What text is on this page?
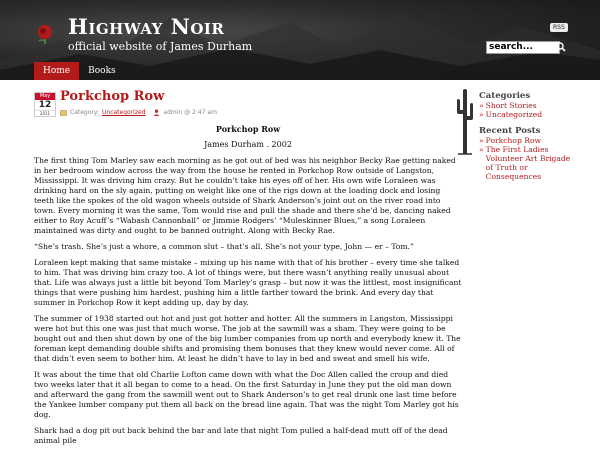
Highway Noir
official website of James Durham
RSS
search...
Home	Books
May
12
2011
Porkchop Row
Category: Uncategorized
	admin @ 2:47 am

Porkchop Row

James Durham . 2002

The first thing Tom Marley saw each morning as he got out of bed was his neighbor Becky Rae getting naked in her bedroom window across the way from the house he rented in Porkchop Row outside of Langston, Mississippi. It was driving him crazy. But he couldn’t take his eyes off of her. His own wife Loraleen was drinking hard on the sly again, putting on weight like one of the rigs down at the loading dock and losing teeth like the spokes of the old wagon wheels outside of Shark Anderson’s joint out on the river road into town. Every morning it was the same, Tom would rise and pull the shade and there she’d be, dancing naked either to Roy Acuff’s “Wabash Cannonball” or Jimmie Rodgers’ “Muleskinner Blues,” a song Loraleen maintained was dirty and ought to be banned outright. Along with Becky Rae.

“She’s trash. She’s just a whore, a common slut – that’s all. She’s not your type, John — er – Tom.”

Loraleen kept making that same mistake – mixing up his name with that of his brother – every time she talked to him. That was driving him crazy too. A lot of things were, but there wasn’t anything really unusual about that. Life was always just a little bit beyond Tom Marley’s grasp – but now it was the littlest, most insignificant things that were pushing him hardest, pushing him a little farther toward the brink. And every day that summer in Porkchop Row it kept adding up, day by day.

The summer of 1938 started out hot and just got hotter and hotter. All the summers in Langston, Mississippi were hot but this one was just that much worse. The job at the sawmill was a sham. They were going to be bought out and then shut down by one of the big lumber companies from up north and everybody knew it. The foreman kept demanding double shifts and promising them bonuses that they knew would never come. All of that didn’t even seem to bother him. At least he didn’t have to lay in bed and sweat and smell his wife.

It was about the time that old Charlie Lofton came down with what the Doc Allen called the croup and died two weeks later that it all began to come to a head. On the first Saturday in June they put the old man down and afterward the gang from the sawmill went out to Shark Anderson’s to get real drunk one last time before the Yankee lumber company put them all back on the bread line again. That was the night Tom Marley got his dog.

Shark had a dog pit out back behind the bar and late that night Tom pulled a half-dead mutt off of the dead animal pile

Categories
» Short Stories
» Uncategorized
Recent Posts
» Porkchop Row
» The First Ladies Volunteer Art Brigade of Truth or Consequences
